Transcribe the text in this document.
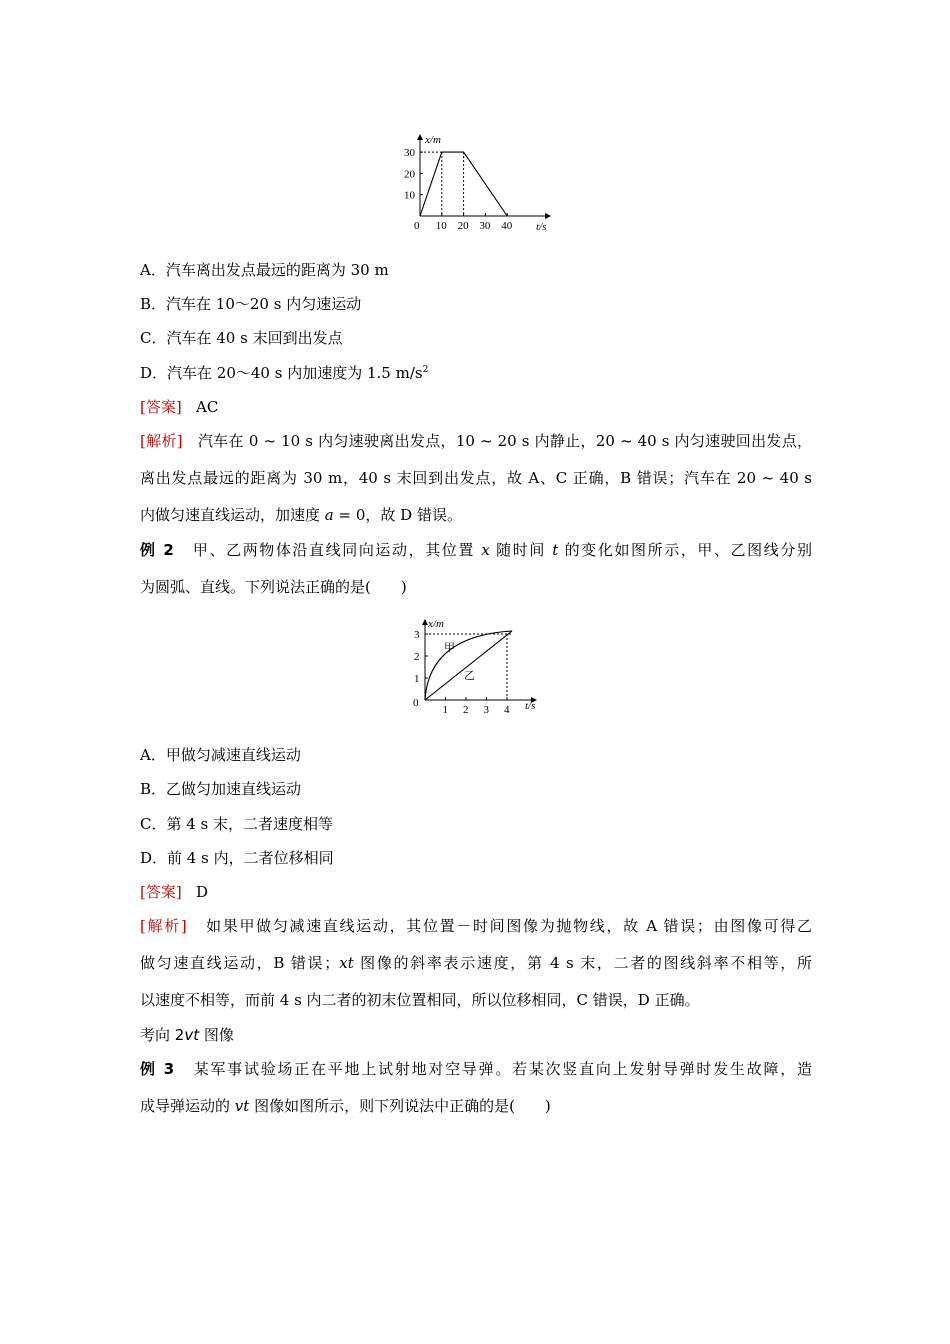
x/m
t/s
0
10
20
30
10 20 30 40
A．汽车离出发点最远的距离为 30 m
B．汽车在 10～20 s 内匀速运动
C．汽车在 40 s 末回到出发点
D．汽车在 20～40 s 内加速度为 1.5 $m/s^2$
[答案] AC
[解析] 汽车在 0 ~ 10 s 内匀速驶离出发点，10 ~ 20 s 内静止，20 ~ 40 s 内匀速驶回出发点，
离出发点最远的距离为 30 m，40 s 末回到出发点，故 A、C 正确，B 错误；汽车在 20 ~ 40 s
内做匀速直线运动，加速度 a = 0，故 D 错误。
例 2 甲、乙两物体沿直线同向运动，其位置 x 随时间 t 的变化如图所示，甲、乙图线分别
为圆弧、直线。下列说法正确的是(　　)
x/m
t/s
0
1
2
3
1 2 3 4
甲
乙
A．甲做匀减速直线运动
B．乙做匀加速直线运动
C．第 4 s 末，二者速度相等
D．前 4 s 内，二者位移相同
[答案] D
[解析] 如果甲做匀减速直线运动，其位置－时间图像为抛物线，故 A 错误；由图像可得乙
做匀速直线运动，B 错误；xt 图像的斜率表示速度，第 4 s 末，二者的图线斜率不相等，所
以速度不相等，而前 4 s 内二者的初末位置相同，所以位移相同，C 错误，D 正确。
考向 2vt 图像
例 3 某军事试验场正在平地上试射地对空导弹。若某次竖直向上发射导弹时发生故障，造
成导弹运动的 vt 图像如图所示，则下列说法中正确的是(　　)
